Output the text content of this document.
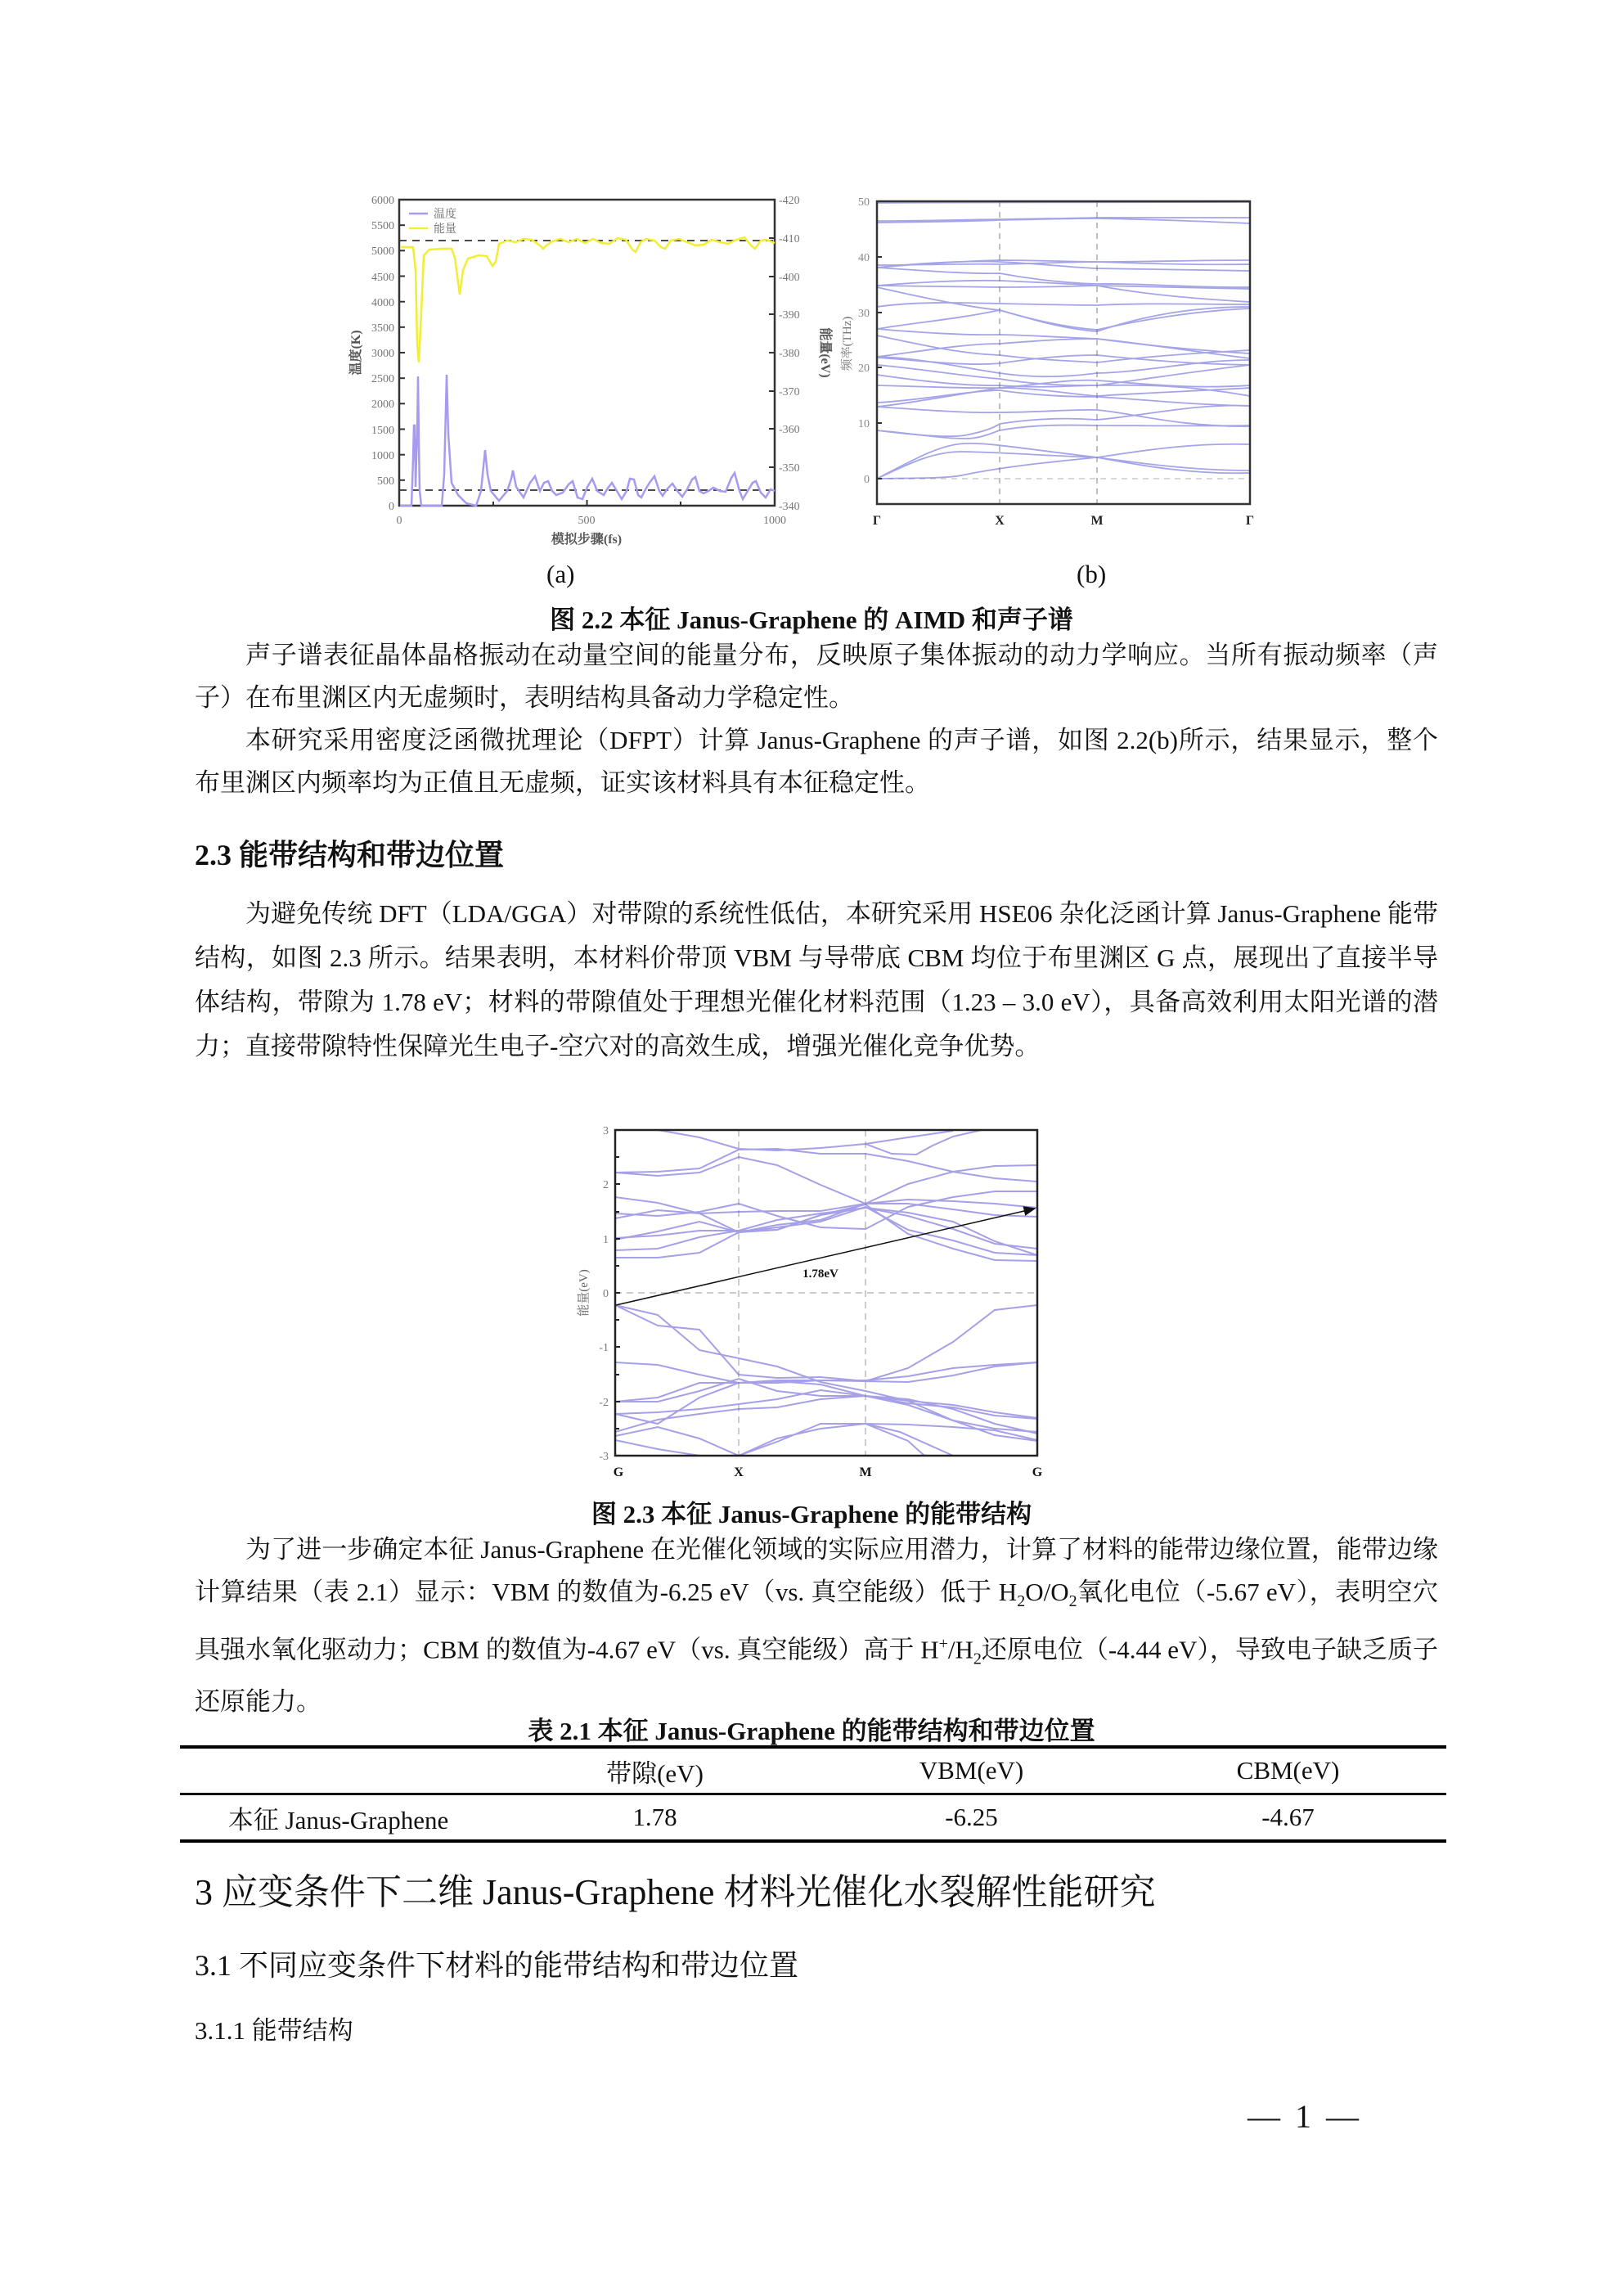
0
500
1000
1500
2000
2500
3000
3500
4000
4500
5000
5500
6000
-340
-350
-360
-370
-380
-390
-400
-410
-420
0	500	1000
模拟步骤(fs)
温度(K)	能量(eV)
温度
能量
0
10
20
30
40
50
频率(THz)
Γ	X	M	Γ
(a)	(b)
图 2.2 本征 Janus-Graphene 的 AIMD 和声子谱

声子谱表征晶体晶格振动在动量空间的能量分布，反映原子集体振动的动力学响应。当所有振动频率（声子）在布里渊区内无虚频时，表明结构具备动力学稳定性。

本研究采用密度泛函微扰理论（DFPT）计算 Janus-Graphene 的声子谱，如图 2.2(b)所示，结果显示，整个布里渊区内频率均为正值且无虚频，证实该材料具有本征稳定性。

2.3 能带结构和带边位置

为避免传统 DFT（LDA/GGA）对带隙的系统性低估，本研究采用 HSE06 杂化泛函计算 Janus-Graphene 能带结构，如图 2.3 所示。结果表明，本材料价带顶 VBM 与导带底 CBM 均位于布里渊区 G 点，展现出了直接半导体结构，带隙为 1.78 eV；材料的带隙值处于理想光催化材料范围（1.23 – 3.0 eV），具备高效利用太阳光谱的潜力；直接带隙特性保障光生电子-空穴对的高效生成，增强光催化竞争优势。

3
2
1
0
-1
-2
-3
能量(eV)	1.78eV
G	X	M	G
图 2.3 本征 Janus-Graphene 的能带结构

为了进一步确定本征 Janus-Graphene 在光催化领域的实际应用潜力，计算了材料的能带边缘位置，能带边缘计算结果（表 2.1）显示：VBM 的数值为-6.25 eV（vs. 真空能级）低于 $H_2O/O_2$氧化电位（-5.67 eV），表明空穴具强水氧化驱动力；CBM 的数值为-4.67 eV（vs. 真空能级）高于 $H^+/H_2$还原电位（-4.44 eV），导致电子缺乏质子还原能力。

表 2.1 本征 Janus-Graphene 的能带结构和带边位置
	带隙(eV)	VBM(eV)	CBM(eV)
本征 Janus-Graphene	1.78	-6.25	-4.67
3 应变条件下二维 Janus-Graphene 材料光催化水裂解性能研究
3.1 不同应变条件下材料的能带结构和带边位置
3.1.1 能带结构
— 1 —
